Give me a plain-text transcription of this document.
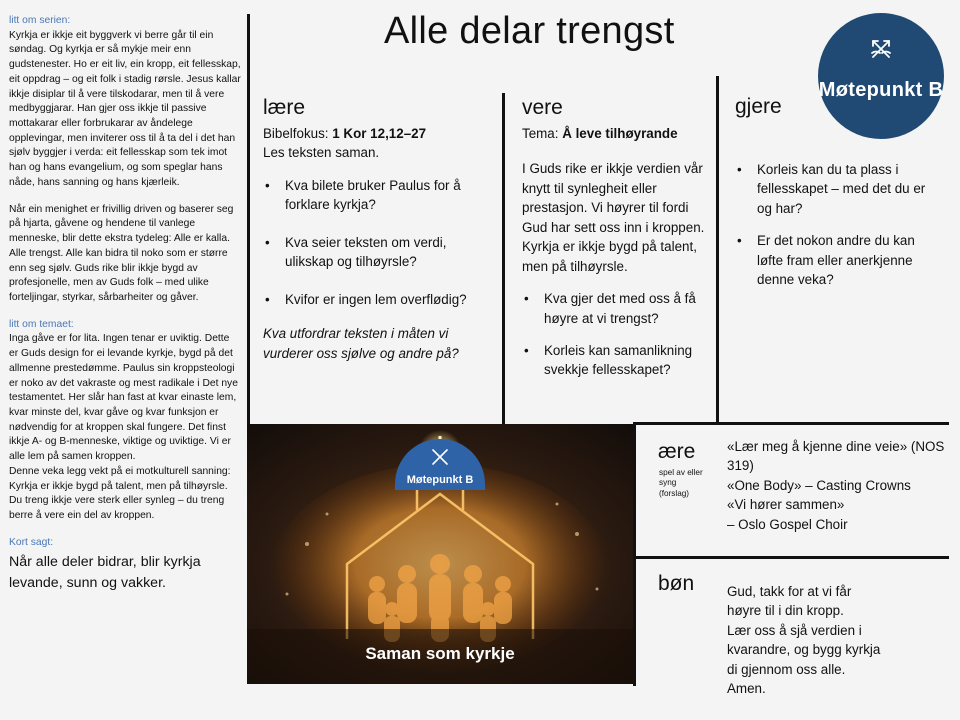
litt om serien:

Kyrkja er ikkje eit byggverk vi berre går til ein søndag. Og kyrkja er så mykje meir enn gudstenester. Ho er eit liv, ein kropp, eit fellesskap, eit oppdrag – og eit folk i stadig rørsle. Jesus kallar ikkje disiplar til å vere tilskodarar, men til å vere medbyggjarar. Han gjer oss ikkje til passive mottakarar eller forbrukarar av åndelege opplevingar, men inviterer oss til å ta del i det han sjølv byggjer i verda: eit fellesskap som tek imot han og hans evangelium, og som speglar hans nåde, hans sanning og hans kjærleik.

Når ein menighet er frivillig driven og baserer seg på hjarta, gåvene og hendene til vanlege menneske, blir dette ekstra tydeleg: Alle er kalla. Alle trengst. Alle kan bidra til noko som er større enn seg sjølv. Guds rike blir ikkje bygd av profesjonelle, men av Guds folk – med ulike forteljingar, styrkar, sårbarheiter og gåver.

litt om temaet:

Inga gåve er for lita. Ingen tenar er uviktig. Dette er Guds design for ei levande kyrkje, bygd på det allmenne prestedømme. Paulus sin kroppsteologi er noko av det vakraste og mest radikale i Det nye testamentet. Her slår han fast at kvar einaste lem, kvar minste del, kvar gåve og kvar funksjon er nødvendig for at kroppen skal fungere. Det finst ikkje A- og B-menneske, viktige og uviktige. Vi er alle lem på samen kroppen.

Denne veka legg vekt på ei motkulturell sanning: Kyrkja er ikkje bygd på talent, men på tilhøyrsle. Du treng ikkje vere sterk eller synleg – du treng berre å vere ein del av kroppen.

Kort sagt:

Når alle deler bidrar, blir kyrkja levande, sunn og vakker.

Alle delar trengst
Møtepunkt B
lære

Bibelfokus: 1 Kor 12,12–27

Les teksten saman.

• Kva bilete bruker Paulus for å forklare kyrkja?
• Kva seier teksten om verdi, ulikskap og tilhøyrsle?
• Kvifor er ingen lem overflødig?

Kva utfordrar teksten i måten vi vurderer oss sjølve og andre på?

vere

Tema: Å leve tilhøyrande

I Guds rike er ikkje verdien vår knytt til synlegheit eller prestasjon. Vi høyrer til fordi Gud har sett oss inn i kroppen. Kyrkja er ikkje bygd på talent, men på tilhøyrsle.

• Kva gjer det med oss å få høyre at vi trengst?
• Korleis kan samanlikning svekkje fellesskapet?
gjere
• Korleis kan du ta plass i fellesskapet – med det du er og har?
• Er det nokon andre du kan løfte fram eller anerkjenne denne veka?
Møtepunkt B
Saman som kyrkje
ære
spel av eller syng (forslag)

«Lær meg å kjenne dine veie» (NOS 319)

«One Body» – Casting Crowns

«Vi hører sammen»

– Oslo Gospel Choir

bøn Gud, takk for at vi får

høyre til i din kropp.

Lær oss å sjå verdien i

kvarandre, og bygg kyrkja

di gjennom oss alle.

Amen.
